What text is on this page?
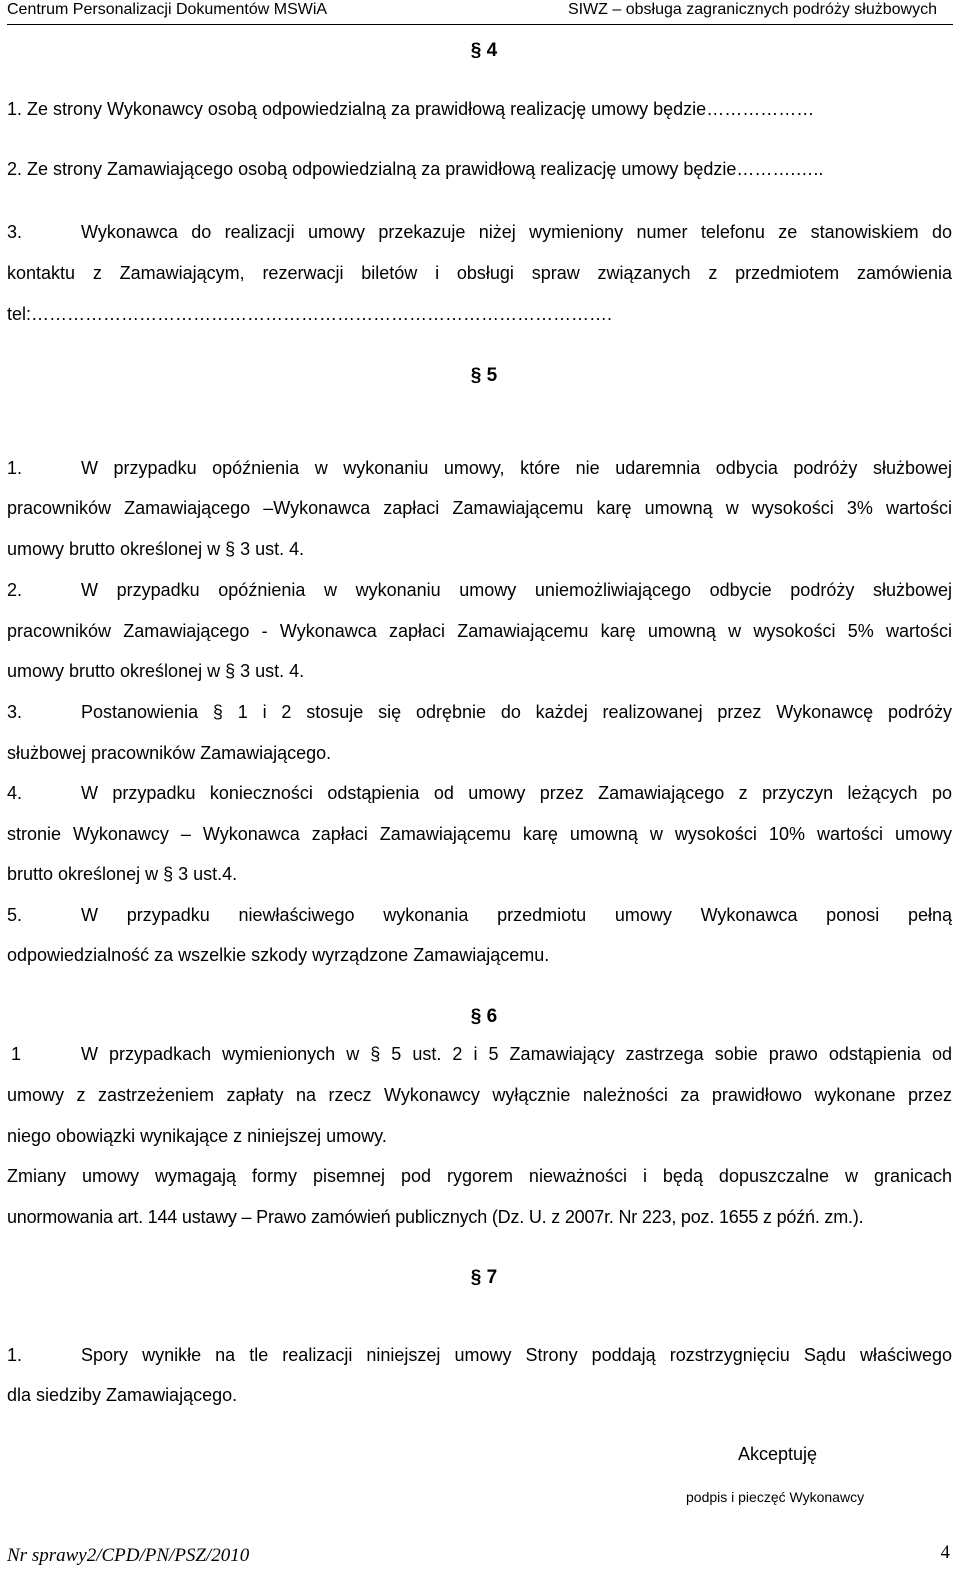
Centrum Personalizacji Dokumentów MSWiA	SIWZ – obsługa zagranicznych podróży służbowych
§ 4
1. Ze strony Wykonawcy osobą odpowiedzialną za prawidłową realizację umowy będzie………………
2. Ze strony Zamawiającego osobą odpowiedzialną za prawidłową realizację umowy będzie……….…..
3.	Wykonawca do realizacji umowy przekazuje niżej wymieniony numer telefonu ze stanowiskiem do
kontaktu z Zamawiającym, rezerwacji biletów i obsługi spraw związanych z przedmiotem zamówienia
tel:…………………………………………………………………………………….
§ 5
1.	W przypadku opóźnienia w wykonaniu umowy, które nie udaremnia odbycia podróży służbowej
pracowników Zamawiającego –Wykonawca zapłaci Zamawiającemu karę umowną w wysokości 3% wartości
umowy brutto określonej w § 3 ust. 4.
2.	W przypadku opóźnienia w wykonaniu umowy uniemożliwiającego odbycie podróży służbowej
pracowników Zamawiającego - Wykonawca zapłaci Zamawiającemu karę umowną w wysokości 5% wartości
umowy brutto określonej w § 3 ust. 4.
3.	Postanowienia § 1 i 2 stosuje się odrębnie do każdej realizowanej przez Wykonawcę podróży
służbowej pracowników Zamawiającego.
4.	W przypadku konieczności odstąpienia od umowy przez Zamawiającego z przyczyn leżących po
stronie Wykonawcy – Wykonawca zapłaci Zamawiającemu karę umowną w wysokości 10% wartości umowy
brutto określonej w § 3 ust.4.
5.	W przypadku niewłaściwego wykonania przedmiotu umowy Wykonawca ponosi pełną
odpowiedzialność za wszelkie szkody wyrządzone Zamawiającemu.
§ 6
1	W przypadkach wymienionych w § 5 ust. 2 i 5 Zamawiający zastrzega sobie prawo odstąpienia od
umowy z zastrzeżeniem zapłaty na rzecz Wykonawcy wyłącznie należności za prawidłowo wykonane przez
niego obowiązki wynikające z niniejszej umowy.
Zmiany umowy wymagają formy pisemnej pod rygorem nieważności i będą dopuszczalne w granicach
unormowania art. 144 ustawy – Prawo zamówień publicznych (Dz. U. z 2007r. Nr 223, poz. 1655 z późń. zm.).
§ 7
1.	Spory wynikłe na tle realizacji niniejszej umowy Strony poddają rozstrzygnięciu Sądu właściwego
dla siedziby Zamawiającego.
Akceptuję
podpis i pieczęć Wykonawcy
Nr sprawy2/CPD/PN/PSZ/2010	4
